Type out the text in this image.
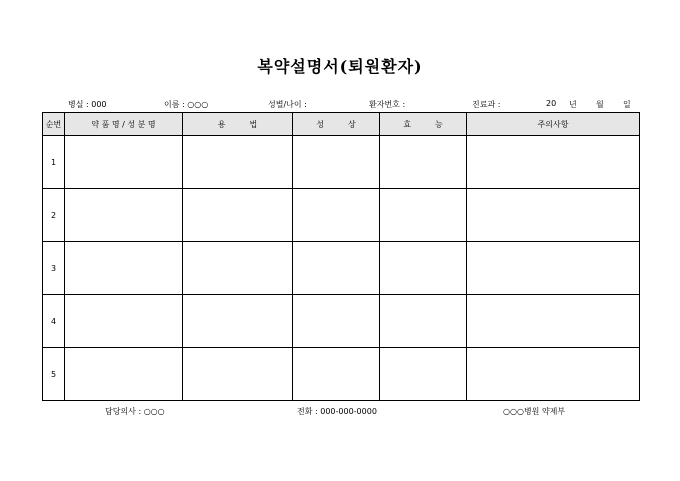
복약설명서(퇴원환자)
병실 : 000	이름 : ○○○	성별/나이 :	환자번호 :	진료과 :	20 년 월 일
순번	약 품 명 / 성 분 명	용　　　법	성　　　상	효　　　능	주의사항
1					
2					
3					
4					
5					
담당의사 : ○○○	전화 : 000-000-0000	○○○병원 약제부
